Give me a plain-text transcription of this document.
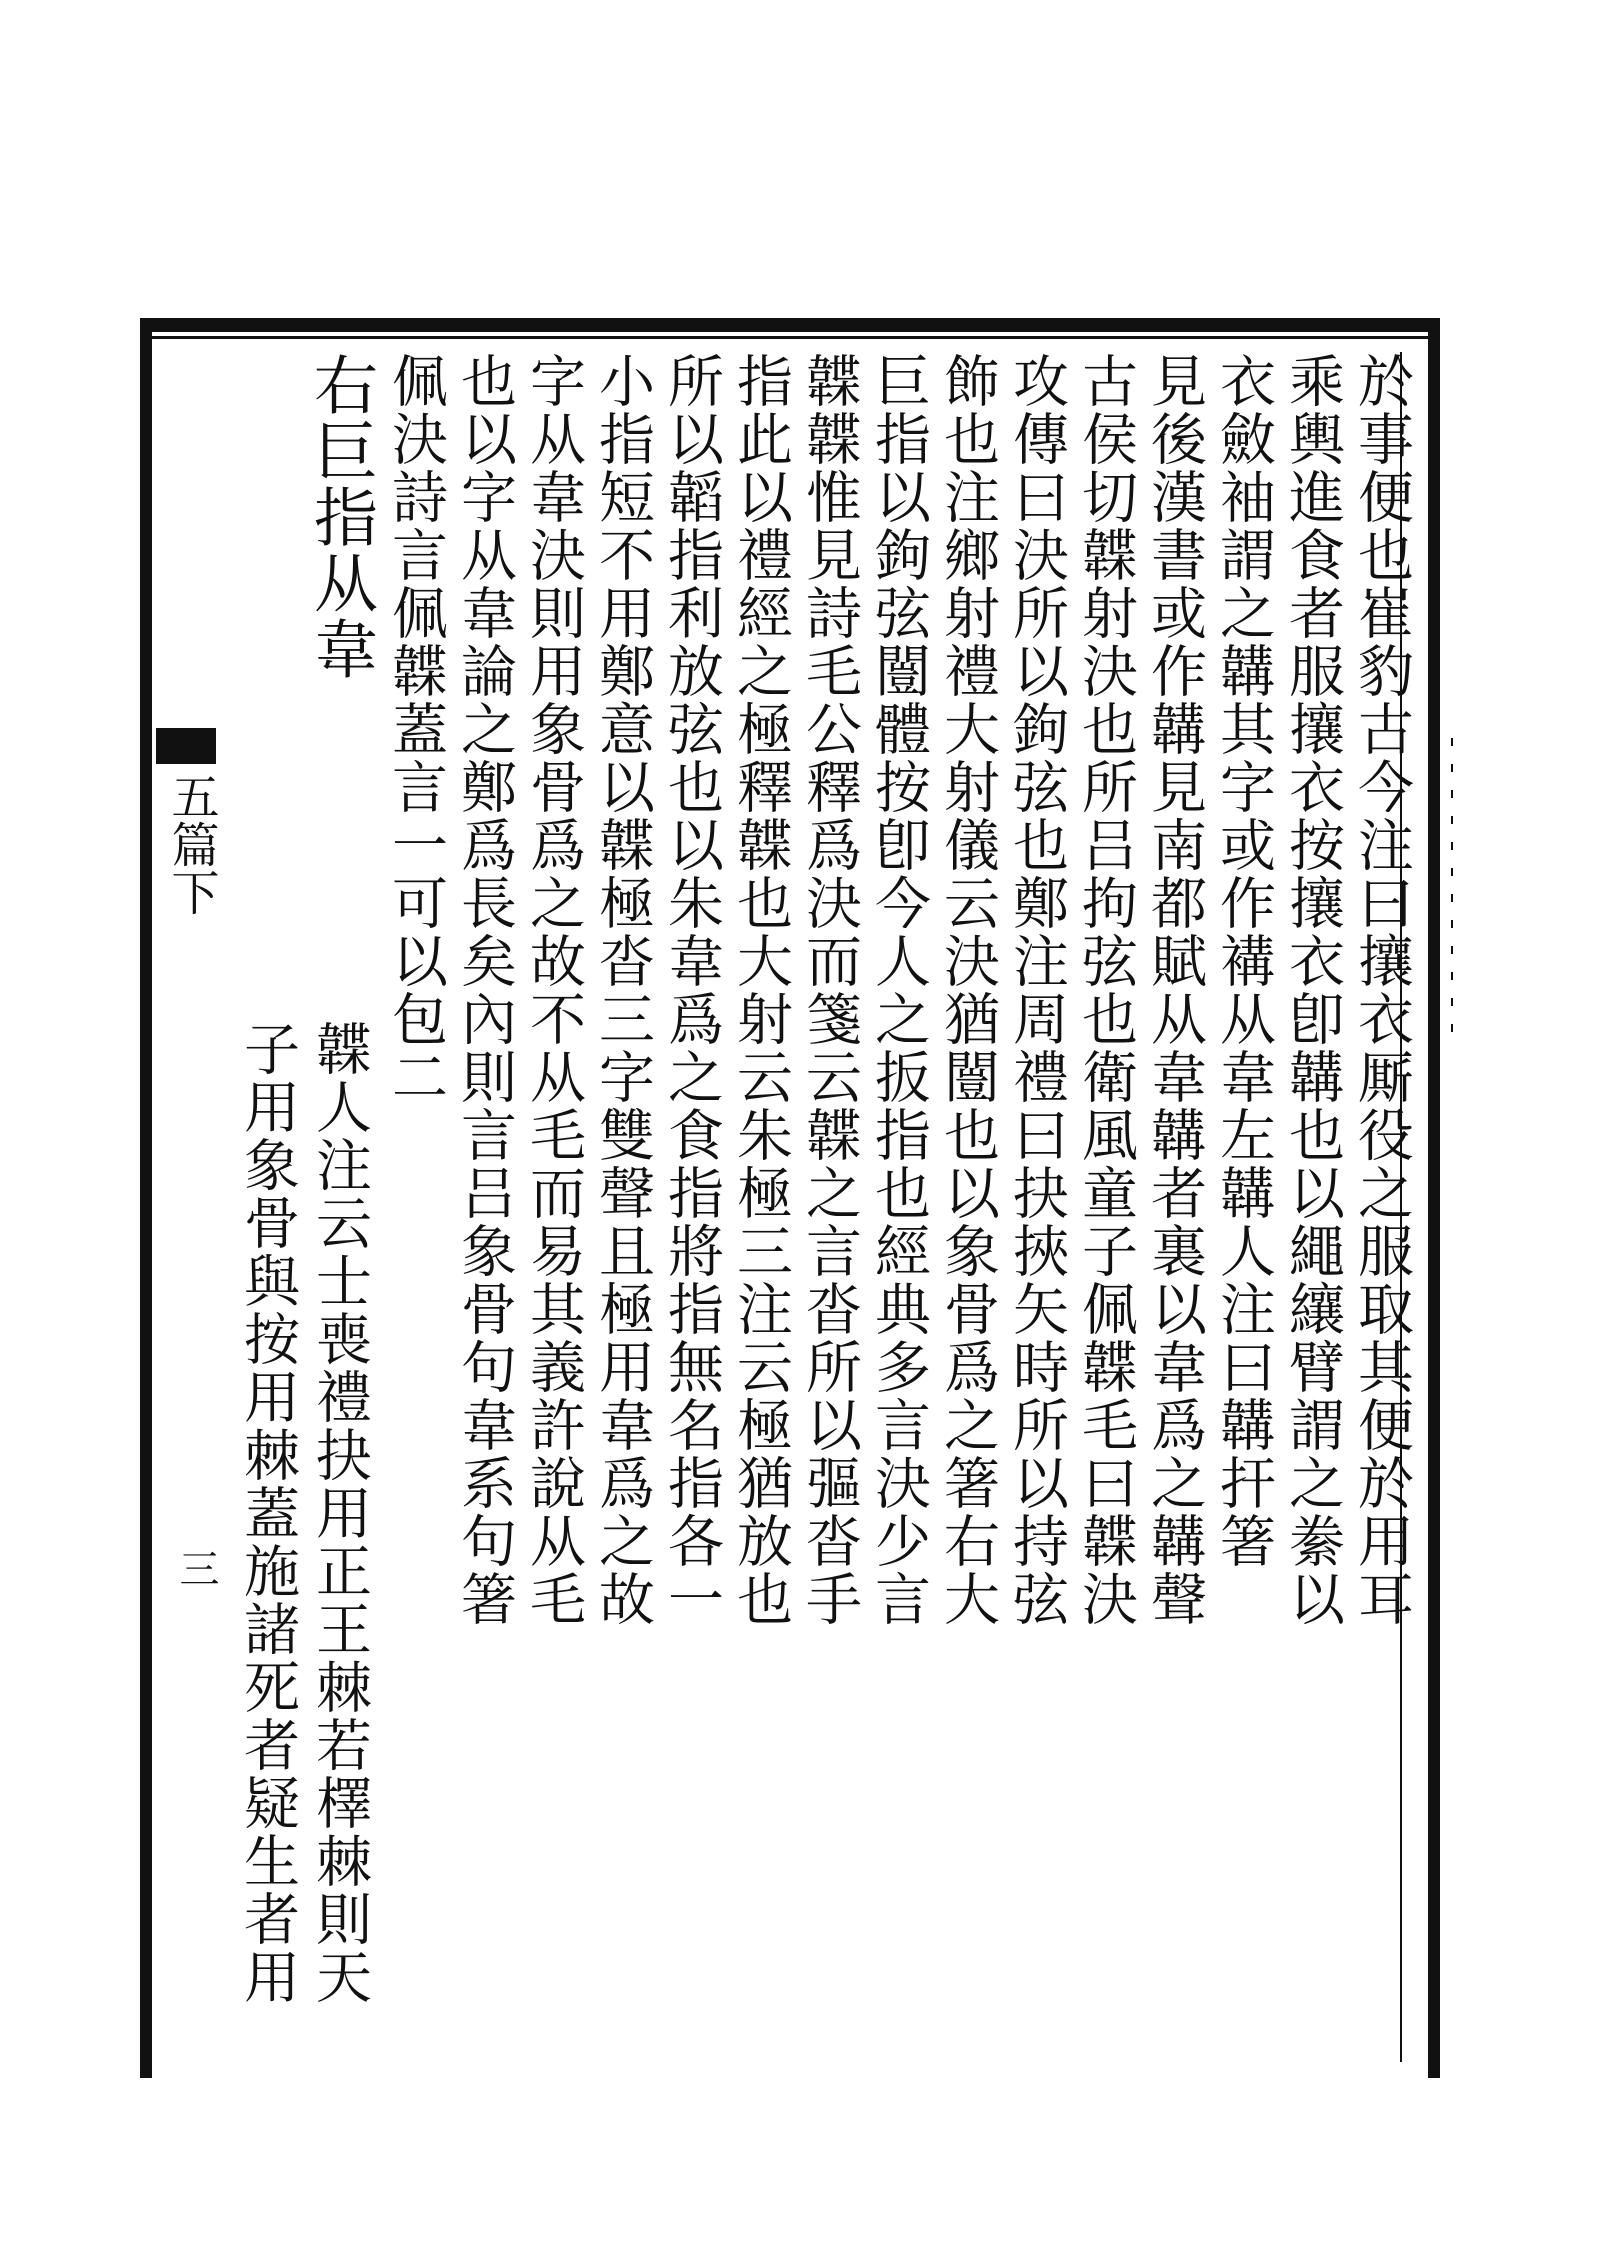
於事便也崔豹古今注曰攘衣厮役之服取其便於用耳
乘輿進食者服攘衣按攘衣卽韝也以繩纕臂謂之絭以
衣斂袖謂之韝其字或作褠从韋左韝人注曰韝扞箸
見後漢書或作韝見南都賦从韋韝者裏以韋爲之韝聲
古侯切韘射決也所吕拘弦也衛風童子佩韘毛曰韘決
攻傳曰決所以鉤弦也鄭注周禮曰抉挾矢時所以持弦
飾也注鄉射禮大射儀云決猶闓也以象骨爲之箸右大
巨指以鉤弦闓體按卽今人之扳指也經典多言決少言
韘韘惟見詩毛公釋爲決而箋云韘之言沓所以彄沓手
指此以禮經之極釋韘也大射云朱極三注云極猶放也
所以韜指利放弦也以朱韋爲之食指將指無名指各一
小指短不用鄭意以韘極沓三字雙聲且極用韋爲之故
字从韋決則用象骨爲之故不从毛而易其義許說从毛
也以字从韋論之鄭爲長矣內則言吕象骨句韋系句箸
佩決詩言佩韘蓋言一可以包二
右巨指从韋
韘人注云士喪禮抉用正王棘若檡棘則天
子用象骨與按用棘蓋施諸死者疑生者用
五篇下
三
